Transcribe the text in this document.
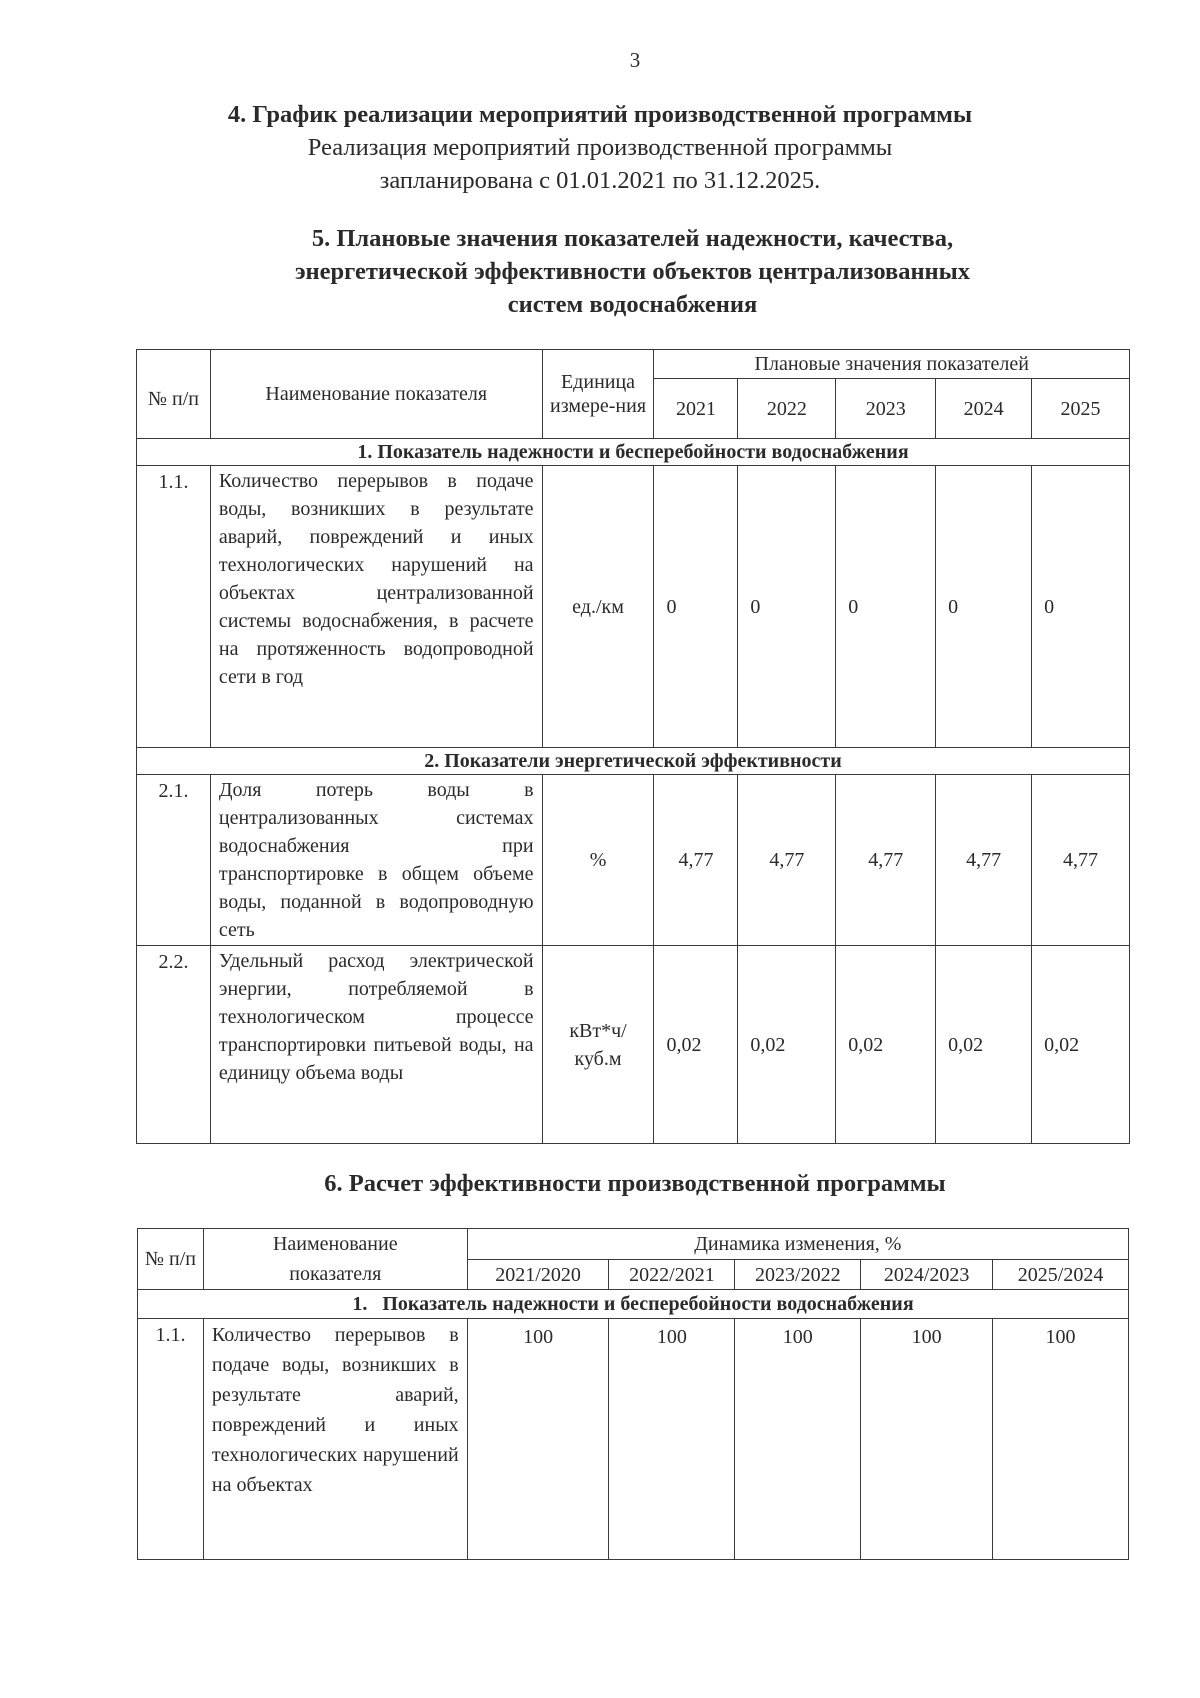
3
4. График реализации мероприятий производственной программы
Реализация мероприятий производственной программы
запланирована с 01.01.2021 по 31.12.2025.
5. Плановые значения показателей надежности, качества,
энергетической эффективности объектов централизованных
систем водоснабжения
№ п/п	Наименование показателя	Единица измере-ния	Плановые значения показателей				
			2021	2022	2023	2024	2025
1. Показатель надежности и бесперебойности водоснабжения							
1.1.	Количество перерывов в подаче воды, возникших в результате аварий, повреждений и иных технологических нарушений на объектах централизованной системы водоснабжения, в расчете на протяженность водопроводной сети в год	ед./км	0	0	0	0	0
2. Показатели энергетической эффективности							
2.1.	Доля потерь воды в централизованных системах водоснабжения при транспортировке в общем объеме воды, поданной в водопроводную сеть	%	4,77	4,77	4,77	4,77	4,77
2.2.	Удельный расход электрической энергии, потребляемой в технологическом процессе транспортировки питьевой воды, на единицу объема воды	кВт*ч/ куб.м	0,02	0,02	0,02	0,02	0,02
6. Расчет эффективности производственной программы
№ п/п	Наименование показателя	Динамика изменения, %				
		2021/2020	2022/2021	2023/2022	2024/2023	2025/2024
1.   Показатель надежности и бесперебойности водоснабжения						
1.1.	Количество перерывов в подаче воды, возникших в результате аварий, повреждений и иных технологических нарушений на объектах	100	100	100	100	100
